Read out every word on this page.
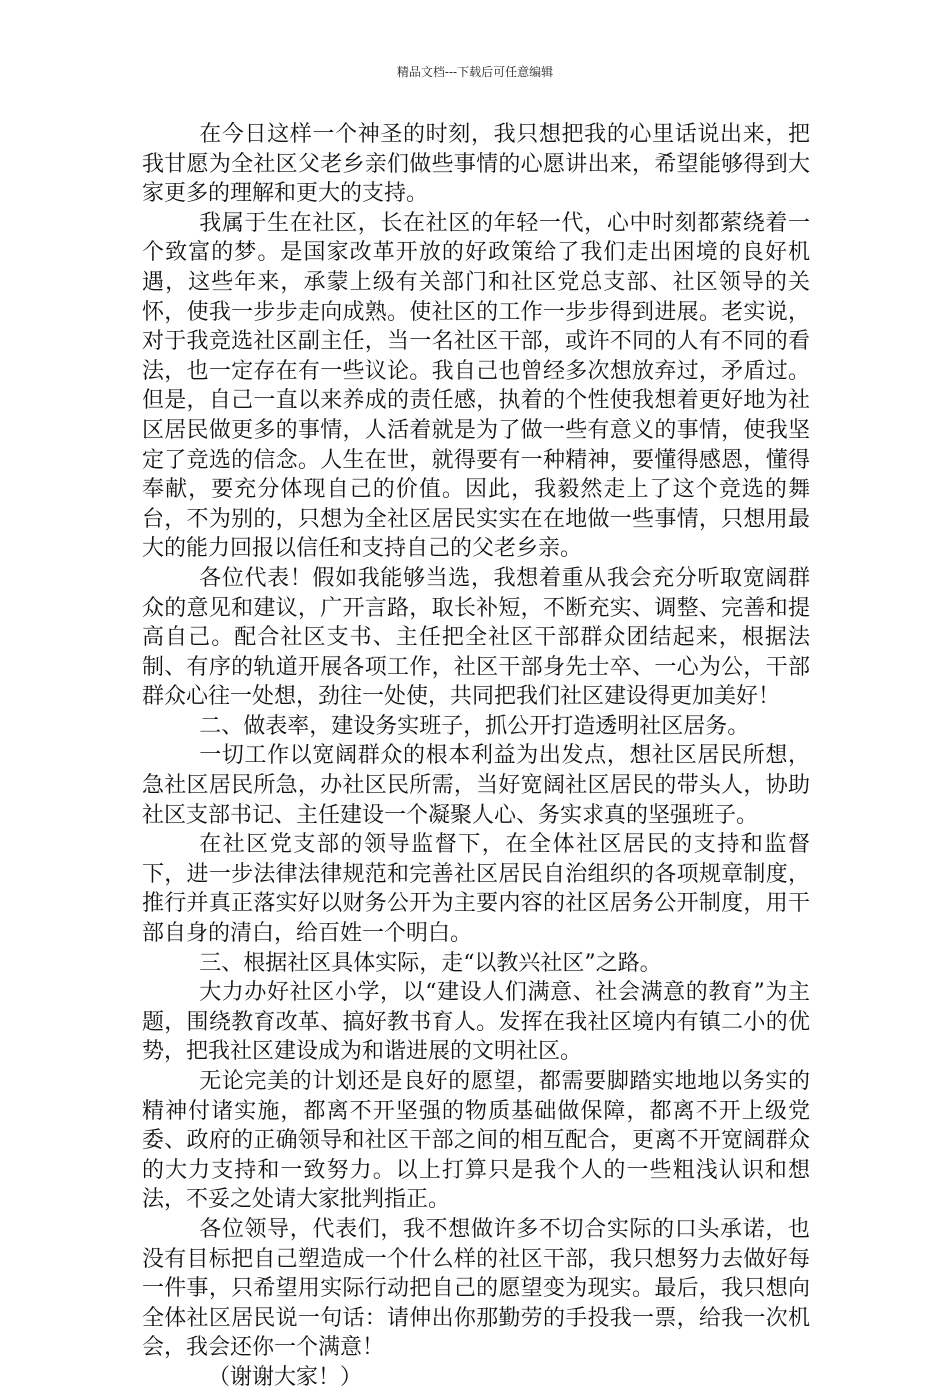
精品文档---下载后可任意编辑

在今日这样一个神圣的时刻，我只想把我的心里话说出来，把我甘愿为全社区父老乡亲们做些事情的心愿讲出来，希望能够得到大家更多的理解和更大的支持。

我属于生在社区，长在社区的年轻一代，心中时刻都萦绕着一个致富的梦。是国家改革开放的好政策给了我们走出困境的良好机遇，这些年来，承蒙上级有关部门和社区党总支部、社区领导的关怀，使我一步步走向成熟。使社区的工作一步步得到进展。老实说，对于我竞选社区副主任，当一名社区干部，或许不同的人有不同的看法，也一定存在有一些议论。我自己也曾经多次想放弃过，矛盾过。但是，自己一直以来养成的责任感，执着的个性使我想着更好地为社区居民做更多的事情，人活着就是为了做一些有意义的事情，使我坚定了竞选的信念。人生在世，就得要有一种精神，要懂得感恩，懂得奉献，要充分体现自己的价值。因此，我毅然走上了这个竞选的舞台，不为别的，只想为全社区居民实实在在地做一些事情，只想用最大的能力回报以信任和支持自己的父老乡亲。

各位代表！假如我能够当选，我想着重从我会充分听取宽阔群众的意见和建议，广开言路，取长补短，不断充实、调整、完善和提高自己。配合社区支书、主任把全社区干部群众团结起来，根据法制、有序的轨道开展各项工作，社区干部身先士卒、一心为公，干部群众心往一处想，劲往一处使，共同把我们社区建设得更加美好！

二、做表率，建设务实班子，抓公开打造透明社区居务。

一切工作以宽阔群众的根本利益为出发点，想社区居民所想，急社区居民所急，办社区民所需，当好宽阔社区居民的带头人，协助社区支部书记、主任建设一个凝聚人心、务实求真的坚强班子。

在社区党支部的领导监督下，在全体社区居民的支持和监督下，进一步法律法律规范和完善社区居民自治组织的各项规章制度，推行并真正落实好以财务公开为主要内容的社区居务公开制度，用干部自身的清白，给百姓一个明白。

三、根据社区具体实际，走“以教兴社区”之路。

大力办好社区小学，以“建设人们满意、社会满意的教育”为主题，围绕教育改革、搞好教书育人。发挥在我社区境内有镇二小的优势，把我社区建设成为和谐进展的文明社区。

无论完美的计划还是良好的愿望，都需要脚踏实地地以务实的精神付诸实施，都离不开坚强的物质基础做保障，都离不开上级党委、政府的正确领导和社区干部之间的相互配合，更离不开宽阔群众的大力支持和一致努力。以上打算只是我个人的一些粗浅认识和想法，不妥之处请大家批判指正。

各位领导，代表们，我不想做许多不切合实际的口头承诺，也没有目标把自己塑造成一个什么样的社区干部，我只想努力去做好每一件事，只希望用实际行动把自己的愿望变为现实。最后，我只想向全体社区居民说一句话：请伸出你那勤劳的手投我一票，给我一次机会，我会还你一个满意！

（谢谢大家！）
